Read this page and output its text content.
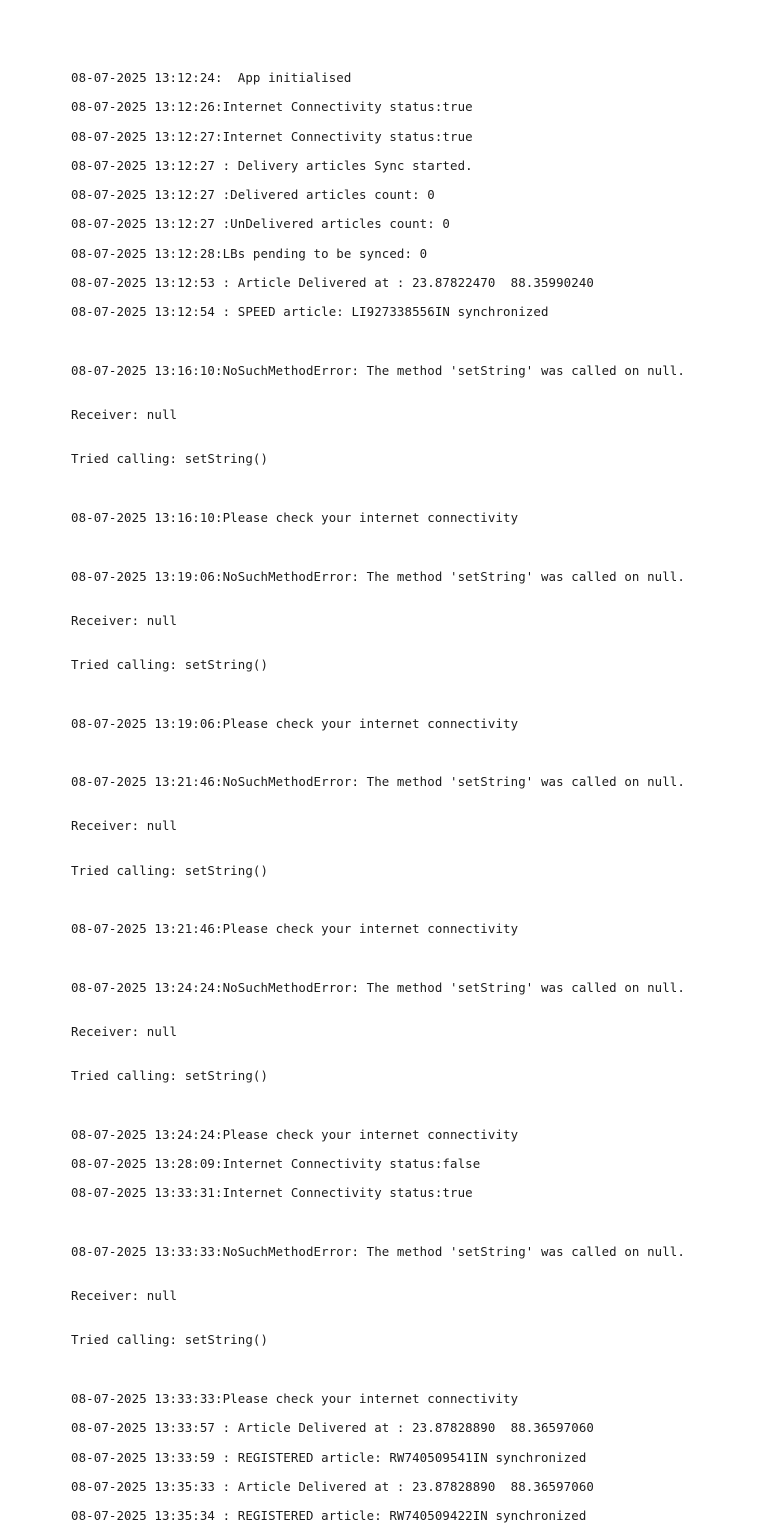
08-07-2025 13:12:24:  App initialised
08-07-2025 13:12:26:Internet Connectivity status:true
08-07-2025 13:12:27:Internet Connectivity status:true
08-07-2025 13:12:27 : Delivery articles Sync started.
08-07-2025 13:12:27 :Delivered articles count: 0
08-07-2025 13:12:27 :UnDelivered articles count: 0
08-07-2025 13:12:28:LBs pending to be synced: 0
08-07-2025 13:12:53 : Article Delivered at : 23.87822470  88.35990240
08-07-2025 13:12:54 : SPEED article: LI927338556IN synchronized

08-07-2025 13:16:10:NoSuchMethodError: The method 'setString' was called on null.

Receiver: null

Tried calling: setString()

08-07-2025 13:16:10:Please check your internet connectivity

08-07-2025 13:19:06:NoSuchMethodError: The method 'setString' was called on null.

Receiver: null

Tried calling: setString()

08-07-2025 13:19:06:Please check your internet connectivity

08-07-2025 13:21:46:NoSuchMethodError: The method 'setString' was called on null.

Receiver: null

Tried calling: setString()

08-07-2025 13:21:46:Please check your internet connectivity

08-07-2025 13:24:24:NoSuchMethodError: The method 'setString' was called on null.

Receiver: null

Tried calling: setString()

08-07-2025 13:24:24:Please check your internet connectivity
08-07-2025 13:28:09:Internet Connectivity status:false
08-07-2025 13:33:31:Internet Connectivity status:true

08-07-2025 13:33:33:NoSuchMethodError: The method 'setString' was called on null.

Receiver: null

Tried calling: setString()

08-07-2025 13:33:33:Please check your internet connectivity
08-07-2025 13:33:57 : Article Delivered at : 23.87828890  88.36597060
08-07-2025 13:33:59 : REGISTERED article: RW740509541IN synchronized
08-07-2025 13:35:33 : Article Delivered at : 23.87828890  88.36597060
08-07-2025 13:35:34 : REGISTERED article: RW740509422IN synchronized
